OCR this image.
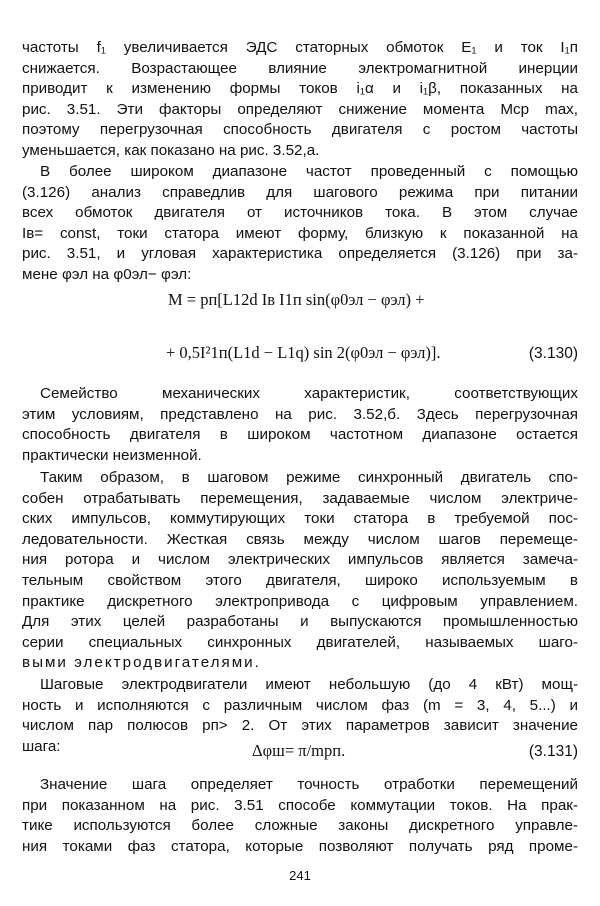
частоты f₁ увеличивается ЭДС статорных обмоток E₁ и ток I₁п
снижается. Возрастающее влияние электромагнитной инерции
приводит к изменению формы токов i₁α и i₁β, показанных на
рис. 3.51. Эти факторы определяют снижение момента Mср max,
поэтому перегрузочная способность двигателя с ростом частоты
уменьшается, как показано на рис. 3.52,а.
В более широком диапазоне частот проведенный с помощью
(3.126) анализ справедлив для шагового режима при питании
всех обмоток двигателя от источников тока. В этом случае
Iв= const, токи статора имеют форму, близкую к показанной на
рис. 3.51, и угловая характеристика определяется (3.126) при за-
мене φэл на φ0эл− φэл:
M = pп[L12d Iв I1п sin(φ0эл − φэл) +
+ 0,5I²1п(L1d − L1q) sin 2(φ0эл − φэл)].	(3.130)
Семейство механических характеристик, соответствующих
этим условиям, представлено на рис. 3.52,б. Здесь перегрузочная
способность двигателя в широком частотном диапазоне остается
практически неизменной.
Таким образом, в шаговом режиме синхронный двигатель спо-
собен отрабатывать перемещения, задаваемые числом электриче-
ских импульсов, коммутирующих токи статора в требуемой пос-
ледовательности. Жесткая связь между числом шагов перемеще-
ния ротора и числом электрических импульсов является замеча-
тельным свойством этого двигателя, широко используемым в
практике дискретного электропривода с цифровым управлением.
Для этих целей разработаны и выпускаются промышленностью
серии специальных синхронных двигателей, называемых шаго-
выми электродвигателями.
Шаговые электродвигатели имеют небольшую (до 4 кВт) мощ-
ность и исполняются с различным числом фаз (m = 3, 4, 5...) и
числом пар полюсов pп> 2. От этих параметров зависит значение
шага:	Δφш= π/mpп.	(3.131)
Значение шага определяет точность отработки перемещений
при показанном на рис. 3.51 способе коммутации токов. На прак-
тике используются более сложные законы дискретного управле-
ния токами фаз статора, которые позволяют получать ряд проме-
241
